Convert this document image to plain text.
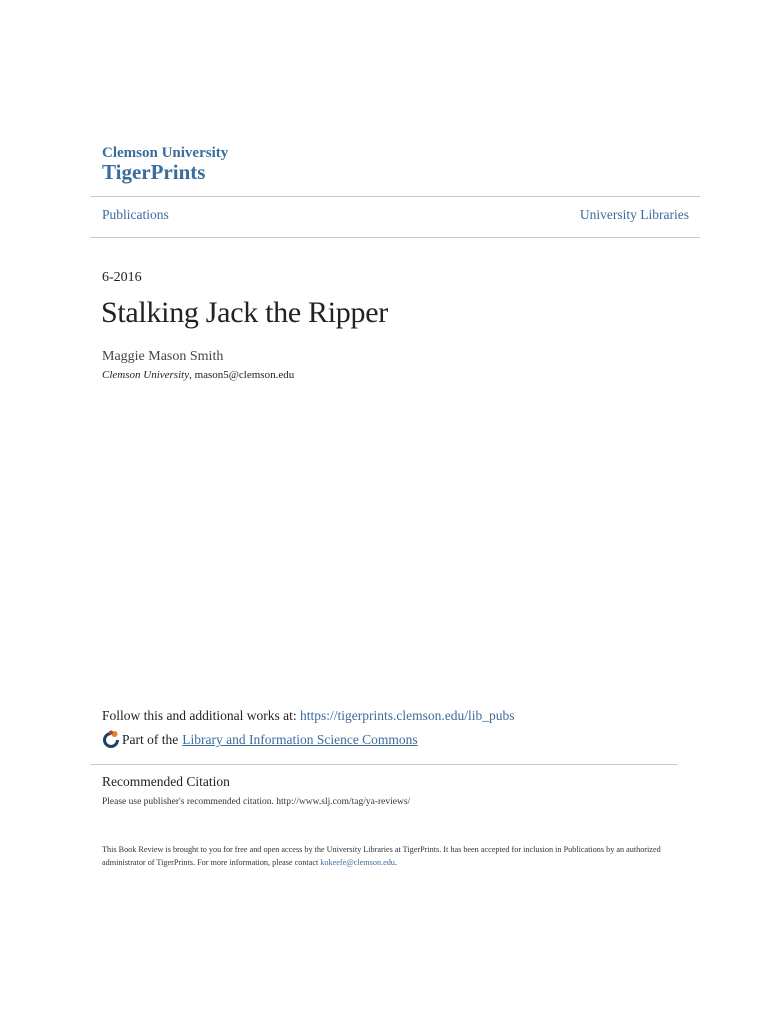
Clemson University
TigerPrints
Publications	University Libraries
6-2016
Stalking Jack the Ripper
Maggie Mason Smith
Clemson University, mason5@clemson.edu
Follow this and additional works at: https://tigerprints.clemson.edu/lib_pubs
Part of the Library and Information Science Commons
Recommended Citation
Please use publisher's recommended citation. http://www.slj.com/tag/ya-reviews/
This Book Review is brought to you for free and open access by the University Libraries at TigerPrints. It has been accepted for inclusion in Publications by an authorized administrator of TigerPrints. For more information, please contact kokeefe@clemson.edu.
